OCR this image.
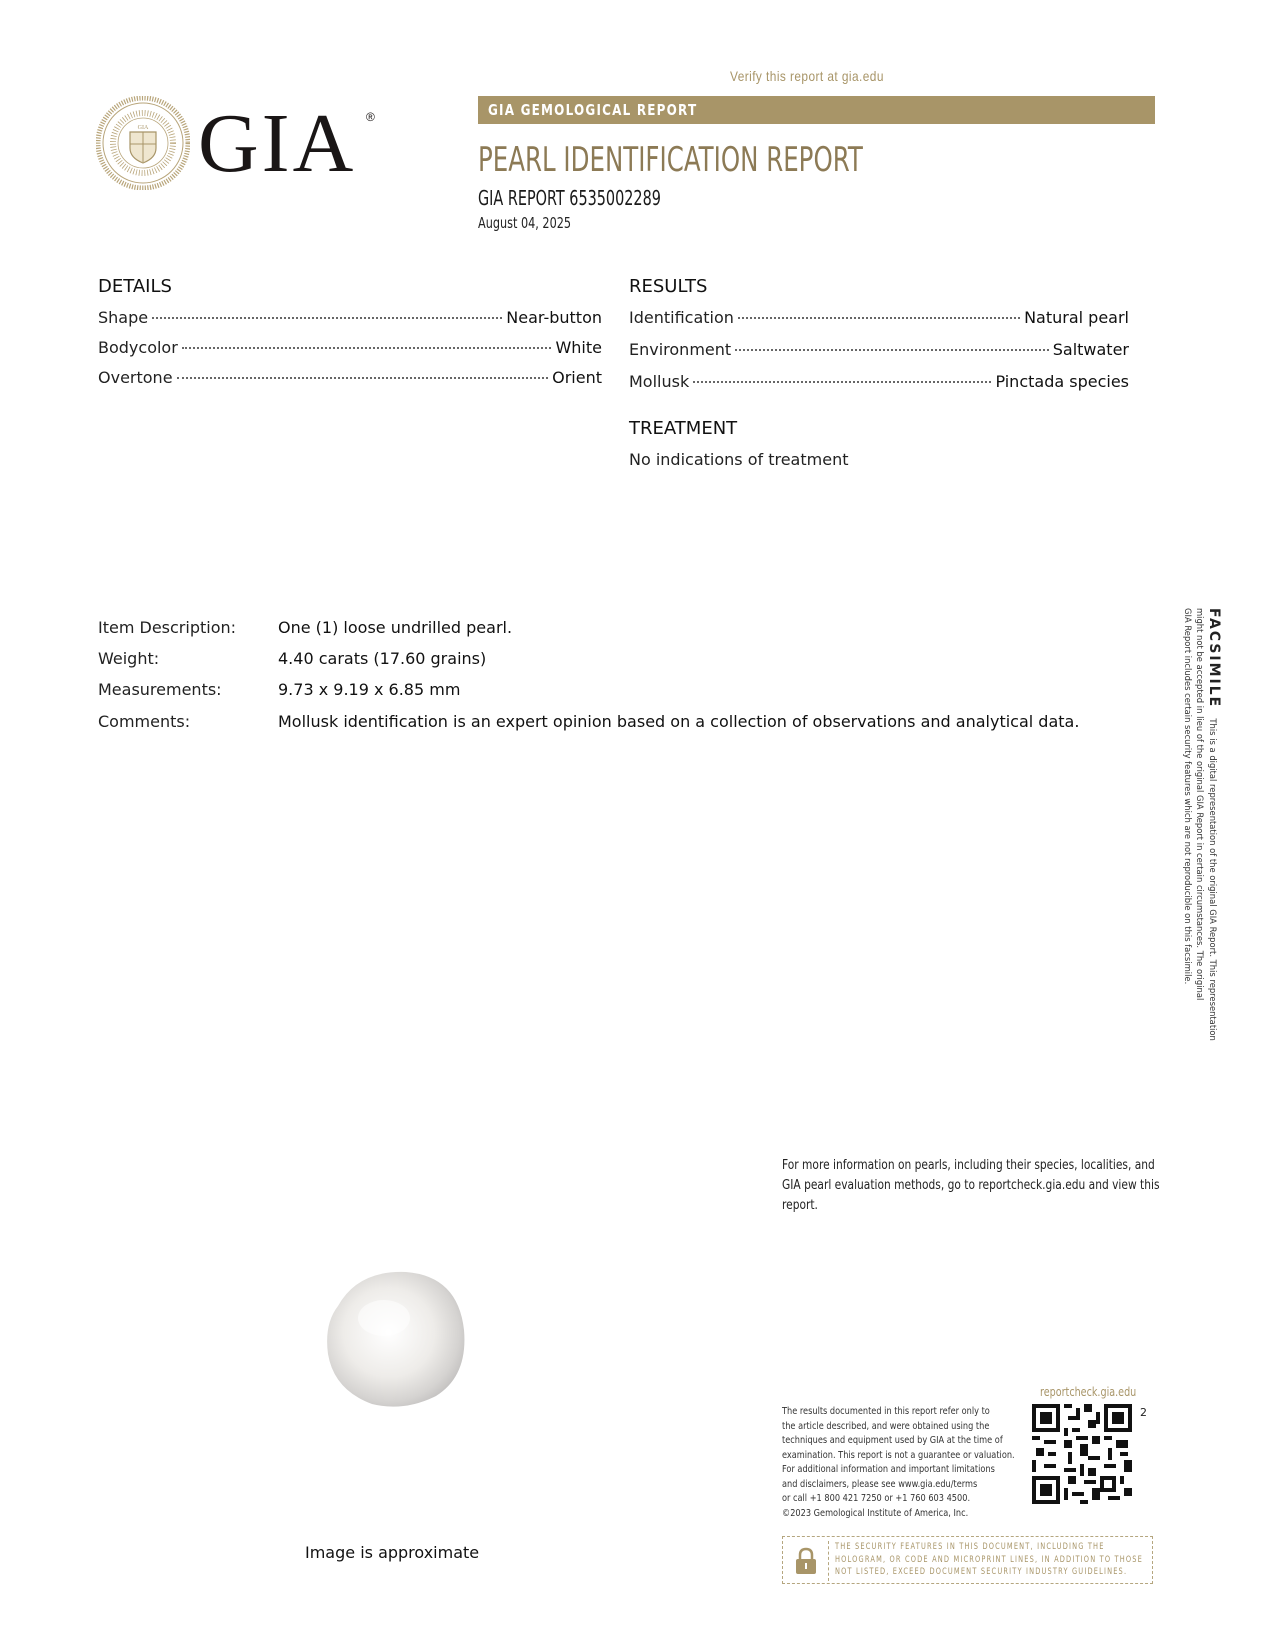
Verify this report at gia.edu
GIA GIA ®	GIA GEMOLOGICAL REPORT
PEARL IDENTIFICATION REPORT
GIA REPORT 6535002289
August 04, 2025
DETAILS
Shape	Near-button
Bodycolor	White
Overtone	Orient
RESULTS
Identification	Natural pearl
Environment	Saltwater
Mollusk	Pinctada species
TREATMENT
No indications of treatment
Item Description:	One (1) loose undrilled pearl.
Weight:	4.40 carats (17.60 grains)
Measurements:	9.73 x 9.19 x 6.85 mm
Comments:	Mollusk identification is an expert opinion based on a collection of observations and analytical data.
FACSIMILE  This is a digital representation of the original GIA Report. This representation
might not be accepted in lieu of the original GIA Report in certain circumstances. The original
GIA Report includes certain security features which are not reproducible on this facsimile.

For more information on pearls, including their species, localities, and GIA pearl evaluation methods, go to reportcheck.gia.edu and view this report.

Image is approximate
reportcheck.gia.edu
The results documented in this report refer only to
the article described, and were obtained using the
techniques and equipment used by GIA at the time of
examination. This report is not a guarantee or valuation.
For additional information and important limitations
and disclaimers, please see www.gia.edu/terms
or call +1 800 421 7250 or +1 760 603 4500.
©2023 Gemological Institute of America, Inc.
2
THE SECURITY FEATURES IN THIS DOCUMENT, INCLUDING THE
HOLOGRAM, OR CODE AND MICROPRINT LINES, IN ADDITION TO THOSE
NOT LISTED, EXCEED DOCUMENT SECURITY INDUSTRY GUIDELINES.
